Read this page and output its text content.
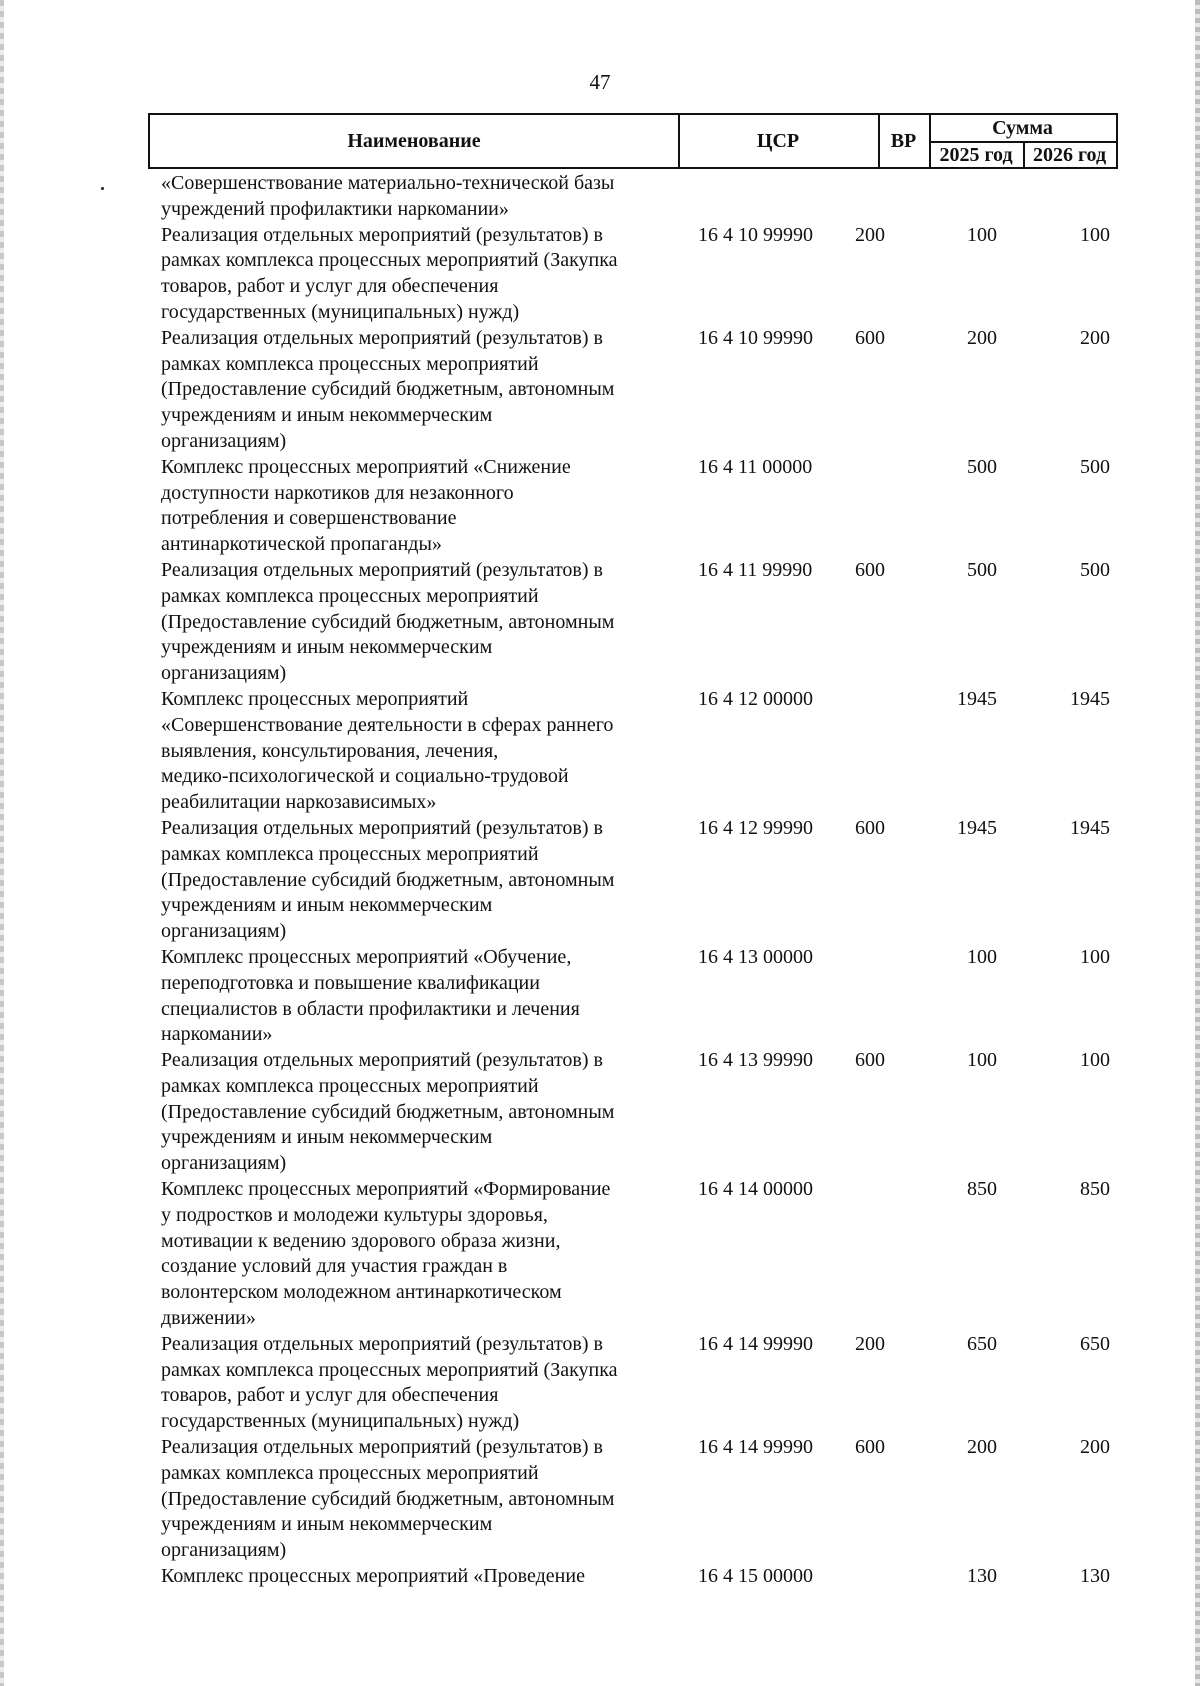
47
Наименование	ЦСР	ВР
Сумма
2025 год	2026 год
«Совершенствование материально-технической базы
учреждений профилактики наркомании»
Реализация отдельных мероприятий (результатов) в
рамках комплекса процессных мероприятий (Закупка
товаров, работ и услуг для обеспечения
государственных (муниципальных) нужд)
16 4 10 99990 200	100	100
Реализация отдельных мероприятий (результатов) в
рамках комплекса процессных мероприятий
(Предоставление субсидий бюджетным, автономным
учреждениям и иным некоммерческим
организациям)
16 4 10 99990 600	200	200
Комплекс процессных мероприятий «Снижение
доступности наркотиков для незаконного
потребления и совершенствование
антинаркотической пропаганды»
16 4 11 00000	500	500
Реализация отдельных мероприятий (результатов) в
рамках комплекса процессных мероприятий
(Предоставление субсидий бюджетным, автономным
учреждениям и иным некоммерческим
организациям)
16 4 11 99990 600	500	500
Комплекс процессных мероприятий
«Совершенствование деятельности в сферах раннего
выявления, консультирования, лечения,
медико-психологической и социально-трудовой
реабилитации наркозависимых»
16 4 12 00000	1945	1945
Реализация отдельных мероприятий (результатов) в
рамках комплекса процессных мероприятий
(Предоставление субсидий бюджетным, автономным
учреждениям и иным некоммерческим
организациям)
16 4 12 99990 600	1945	1945
Комплекс процессных мероприятий «Обучение,
переподготовка и повышение квалификации
специалистов в области профилактики и лечения
наркомании»
16 4 13 00000	100	100
Реализация отдельных мероприятий (результатов) в
рамках комплекса процессных мероприятий
(Предоставление субсидий бюджетным, автономным
учреждениям и иным некоммерческим
организациям)
16 4 13 99990 600	100	100
Комплекс процессных мероприятий «Формирование
у подростков и молодежи культуры здоровья,
мотивации к ведению здорового образа жизни,
создание условий для участия граждан в
волонтерском молодежном антинаркотическом
движении»
16 4 14 00000	850	850
Реализация отдельных мероприятий (результатов) в
рамках комплекса процессных мероприятий (Закупка
товаров, работ и услуг для обеспечения
государственных (муниципальных) нужд)
16 4 14 99990 200	650	650
Реализация отдельных мероприятий (результатов) в
рамках комплекса процессных мероприятий
(Предоставление субсидий бюджетным, автономным
учреждениям и иным некоммерческим
организациям)
16 4 14 99990 600	200	200
Комплекс процессных мероприятий «Проведение	16 4 15 00000	130	130
